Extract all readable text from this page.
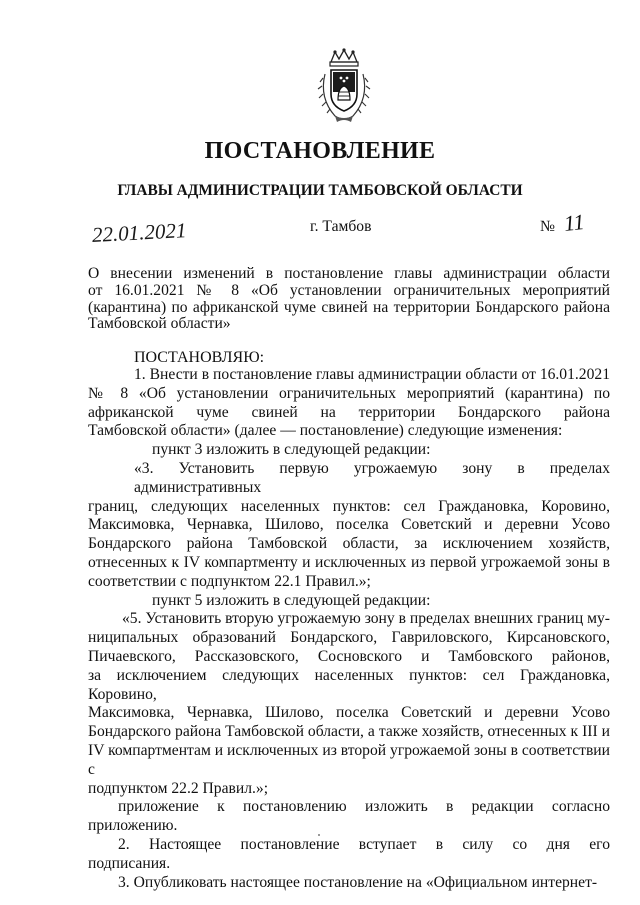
ПОСТАНОВЛЕНИЕ
ГЛАВЫ АДМИНИСТРАЦИИ ТАМБОВСКОЙ ОБЛАСТИ
22.01.2021	г. Тамбов	№ 11
О внесении изменений в постановление главы администрации области
от 16.01.2021 № 8 «Об установлении ограничительных мероприятий
(карантина) по африканской чуме свиней на территории Бондарского района
Тамбовской области»
ПОСТАНОВЛЯЮ:
1. Внести в постановление главы администрации области от 16.01.2021
№ 8 «Об установлении ограничительных мероприятий (карантина) по
африканской чуме свиней на территории Бондарского района
Тамбовской области» (далее — постановление) следующие изменения:
пункт 3 изложить в следующей редакции:
«3. Установить первую угрожаемую зону в пределах административных
границ, следующих населенных пунктов: сел Граждановка, Коровино,
Максимовка, Чернавка, Шилово, поселка Советский и деревни Усово
Бондарского района Тамбовской области, за исключением хозяйств,
отнесенных к IV компартменту и исключенных из первой угрожаемой зоны в
соответствии с подпунктом 22.1 Правил.»;
пункт 5 изложить в следующей редакции:
«5. Установить вторую угрожаемую зону в пределах внешних границ му-
ниципальных образований Бондарского, Гавриловского, Кирсановского,
Пичаевского, Рассказовского, Сосновского и Тамбовского районов,
за исключением следующих населенных пунктов: сел Граждановка, Коровино,
Максимовка, Чернавка, Шилово, поселка Советский и деревни Усово
Бондарского района Тамбовской области, а также хозяйств, отнесенных к III и
IV компартментам и исключенных из второй угрожаемой зоны в соответствии с
подпунктом 22.2 Правил.»;
приложение к постановлению изложить в редакции согласно
приложению.
2. Настоящее постановление вступает в силу со дня его
подписания.
3. Опубликовать настоящее постановление на «Официальном интернет-
